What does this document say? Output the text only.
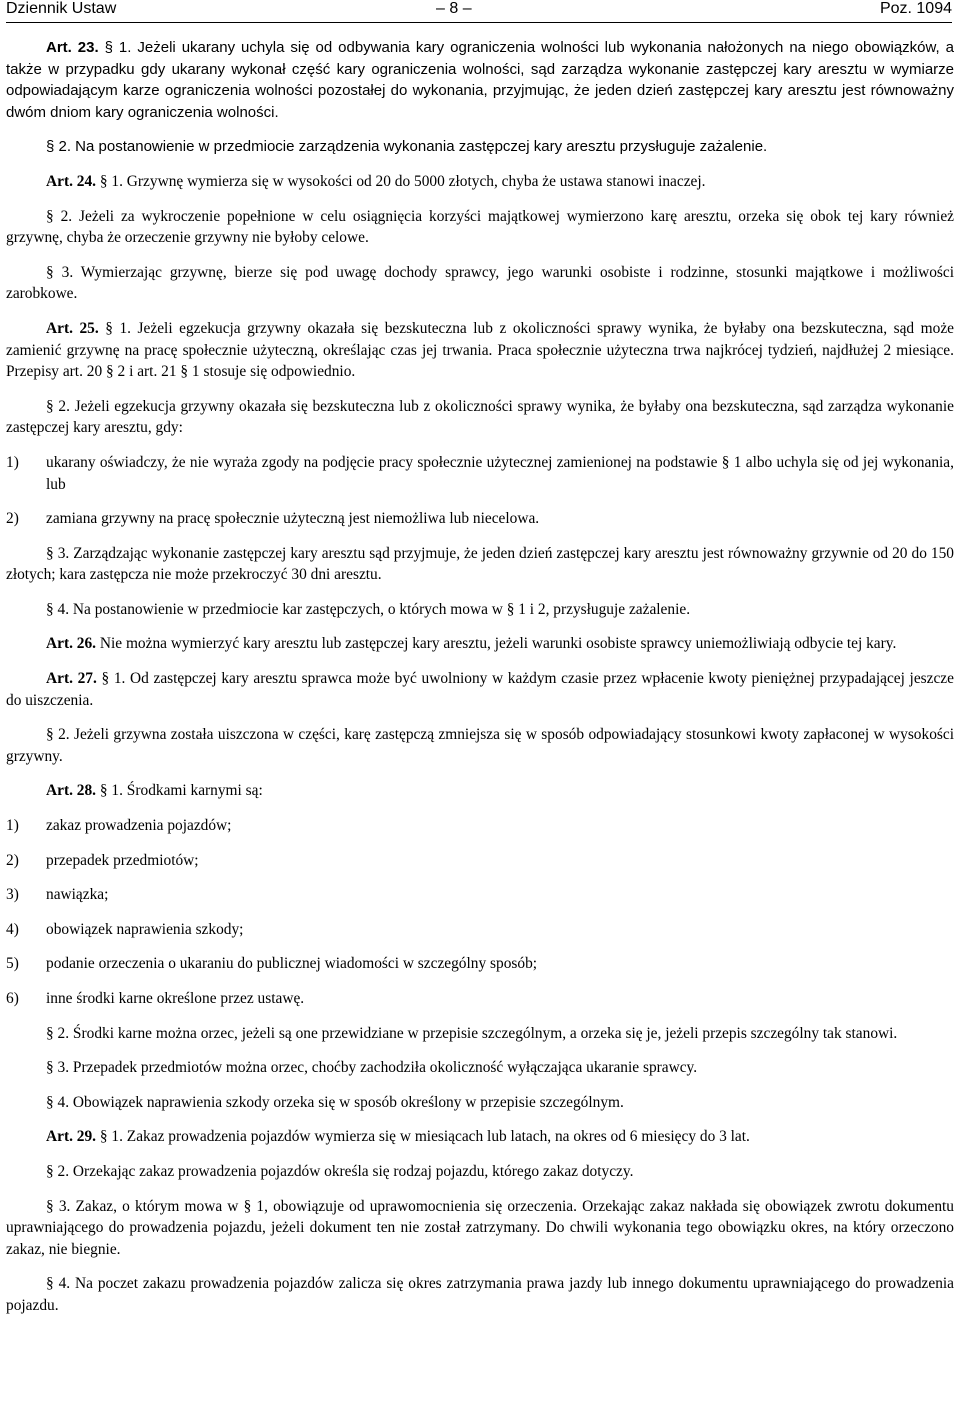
Dziennik Ustaw	– 8 –	Poz. 1094

Art. 23. § 1. Jeżeli ukarany uchyla się od odbywania kary ograniczenia wolności lub wykonania nałożonych na niego obowiązków, a także w przypadku gdy ukarany wykonał część kary ograniczenia wolności, sąd zarządza wykonanie zastępczej kary aresztu w wymiarze odpowiadającym karze ograniczenia wolności pozostałej do wykonania, przyjmując, że jeden dzień zastępczej kary aresztu jest równoważny dwóm dniom kary ograniczenia wolności.

§ 2. Na postanowienie w przedmiocie zarządzenia wykonania zastępczej kary aresztu przysługuje zażalenie.

Art. 24. § 1. Grzywnę wymierza się w wysokości od 20 do 5000 złotych, chyba że ustawa stanowi inaczej.

§ 2. Jeżeli za wykroczenie popełnione w celu osiągnięcia korzyści majątkowej wymierzono karę aresztu, orzeka się obok tej kary również grzywnę, chyba że orzeczenie grzywny nie byłoby celowe.

§ 3. Wymierzając grzywnę, bierze się pod uwagę dochody sprawcy, jego warunki osobiste i rodzinne, stosunki majątkowe i możliwości zarobkowe.

Art. 25. § 1. Jeżeli egzekucja grzywny okazała się bezskuteczna lub z okoliczności sprawy wynika, że byłaby ona bezskuteczna, sąd może zamienić grzywnę na pracę społecznie użyteczną, określając czas jej trwania. Praca społecznie użyteczna trwa najkrócej tydzień, najdłużej 2 miesiące. Przepisy art. 20 § 2 i art. 21 § 1 stosuje się odpowiednio.

§ 2. Jeżeli egzekucja grzywny okazała się bezskuteczna lub z okoliczności sprawy wynika, że byłaby ona bezskuteczna, sąd zarządza wykonanie zastępczej kary aresztu, gdy:

1) ukarany oświadczy, że nie wyraża zgody na podjęcie pracy społecznie użytecznej zamienionej na podstawie § 1 albo uchyla się od jej wykonania, lub
2) zamiana grzywny na pracę społecznie użyteczną jest niemożliwa lub niecelowa.

§ 3. Zarządzając wykonanie zastępczej kary aresztu sąd przyjmuje, że jeden dzień zastępczej kary aresztu jest równoważny grzywnie od 20 do 150 złotych; kara zastępcza nie może przekroczyć 30 dni aresztu.

§ 4. Na postanowienie w przedmiocie kar zastępczych, o których mowa w § 1 i 2, przysługuje zażalenie.

Art. 26. Nie można wymierzyć kary aresztu lub zastępczej kary aresztu, jeżeli warunki osobiste sprawcy uniemożliwiają odbycie tej kary.

Art. 27. § 1. Od zastępczej kary aresztu sprawca może być uwolniony w każdym czasie przez wpłacenie kwoty pieniężnej przypadającej jeszcze do uiszczenia.

§ 2. Jeżeli grzywna została uiszczona w części, karę zastępczą zmniejsza się w sposób odpowiadający stosunkowi kwoty zapłaconej w wysokości grzywny.

Art. 28. § 1. Środkami karnymi są:

1) zakaz prowadzenia pojazdów;
2) przepadek przedmiotów;
3) nawiązka;
4) obowiązek naprawienia szkody;
5) podanie orzeczenia o ukaraniu do publicznej wiadomości w szczególny sposób;
6) inne środki karne określone przez ustawę.

§ 2. Środki karne można orzec, jeżeli są one przewidziane w przepisie szczególnym, a orzeka się je, jeżeli przepis szczególny tak stanowi.

§ 3. Przepadek przedmiotów można orzec, choćby zachodziła okoliczność wyłączająca ukaranie sprawcy.

§ 4. Obowiązek naprawienia szkody orzeka się w sposób określony w przepisie szczególnym.

Art. 29. § 1. Zakaz prowadzenia pojazdów wymierza się w miesiącach lub latach, na okres od 6 miesięcy do 3 lat.

§ 2. Orzekając zakaz prowadzenia pojazdów określa się rodzaj pojazdu, którego zakaz dotyczy.

§ 3. Zakaz, o którym mowa w § 1, obowiązuje od uprawomocnienia się orzeczenia. Orzekając zakaz nakłada się obowiązek zwrotu dokumentu uprawniającego do prowadzenia pojazdu, jeżeli dokument ten nie został zatrzymany. Do chwili wykonania tego obowiązku okres, na który orzeczono zakaz, nie biegnie.

§ 4. Na poczet zakazu prowadzenia pojazdów zalicza się okres zatrzymania prawa jazdy lub innego dokumentu uprawniającego do prowadzenia pojazdu.
